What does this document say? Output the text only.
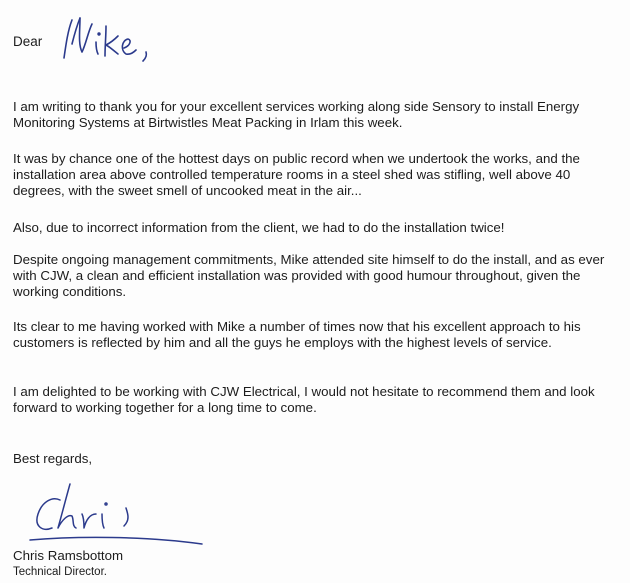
Dear

I am writing to thank you for your excellent services working along side Sensory to install Energy Monitoring Systems at Birtwistles Meat Packing in Irlam this week.

It was by chance one of the hottest days on public record when we undertook the works, and the installation area above controlled temperature rooms in a steel shed was stifling, well above 40 degrees, with the sweet smell of uncooked meat in the air...

Also, due to incorrect information from the client, we had to do the installation twice!

Despite ongoing management commitments, Mike attended site himself to do the install, and as ever with CJW, a clean and efficient installation was provided with good humour throughout, given the working conditions.

Its clear to me having worked with Mike a number of times now that his excellent approach to his customers is reflected by him and all the guys he employs with the highest levels of service.

I am delighted to be working with CJW Electrical, I would not hesitate to recommend them and look forward to working together for a long time to come.

Best regards,
Chris Ramsbottom
Technical Director.
